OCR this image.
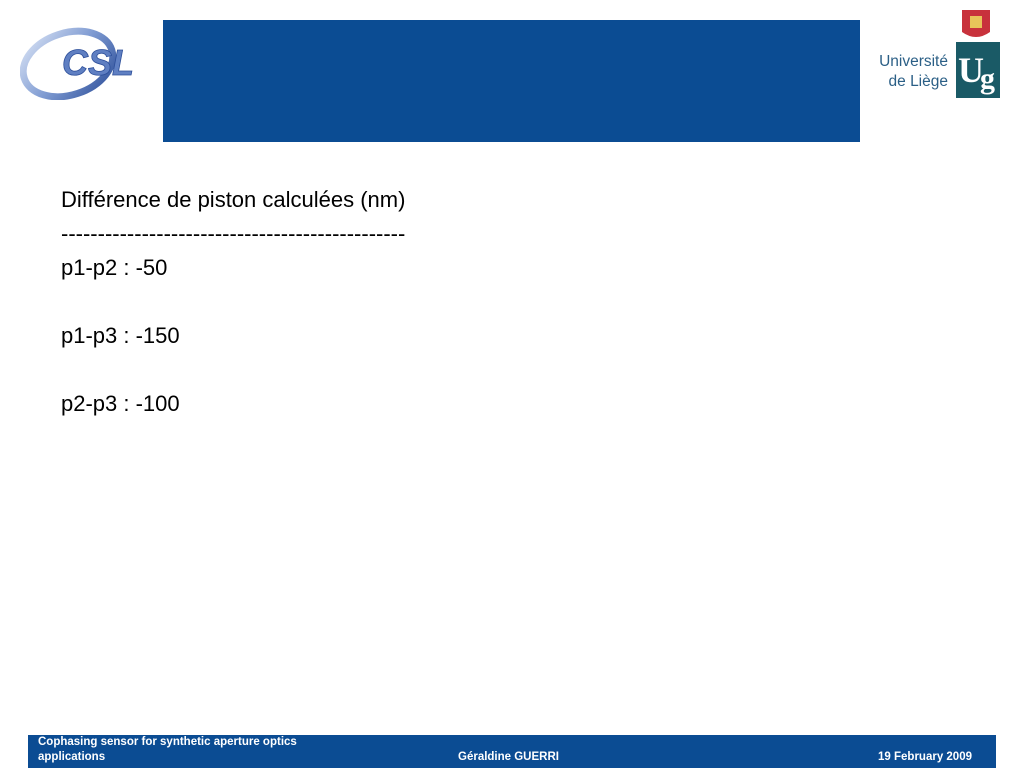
CSL	Université
de Liège U
g
Différence de piston calculées (nm)
-----------------------------------------------
p1-p2 : -50
p1-p3 : -150
p2-p3 : -100
Cophasing sensor for synthetic aperture optics applications	Géraldine GUERRI	19 February 2009
